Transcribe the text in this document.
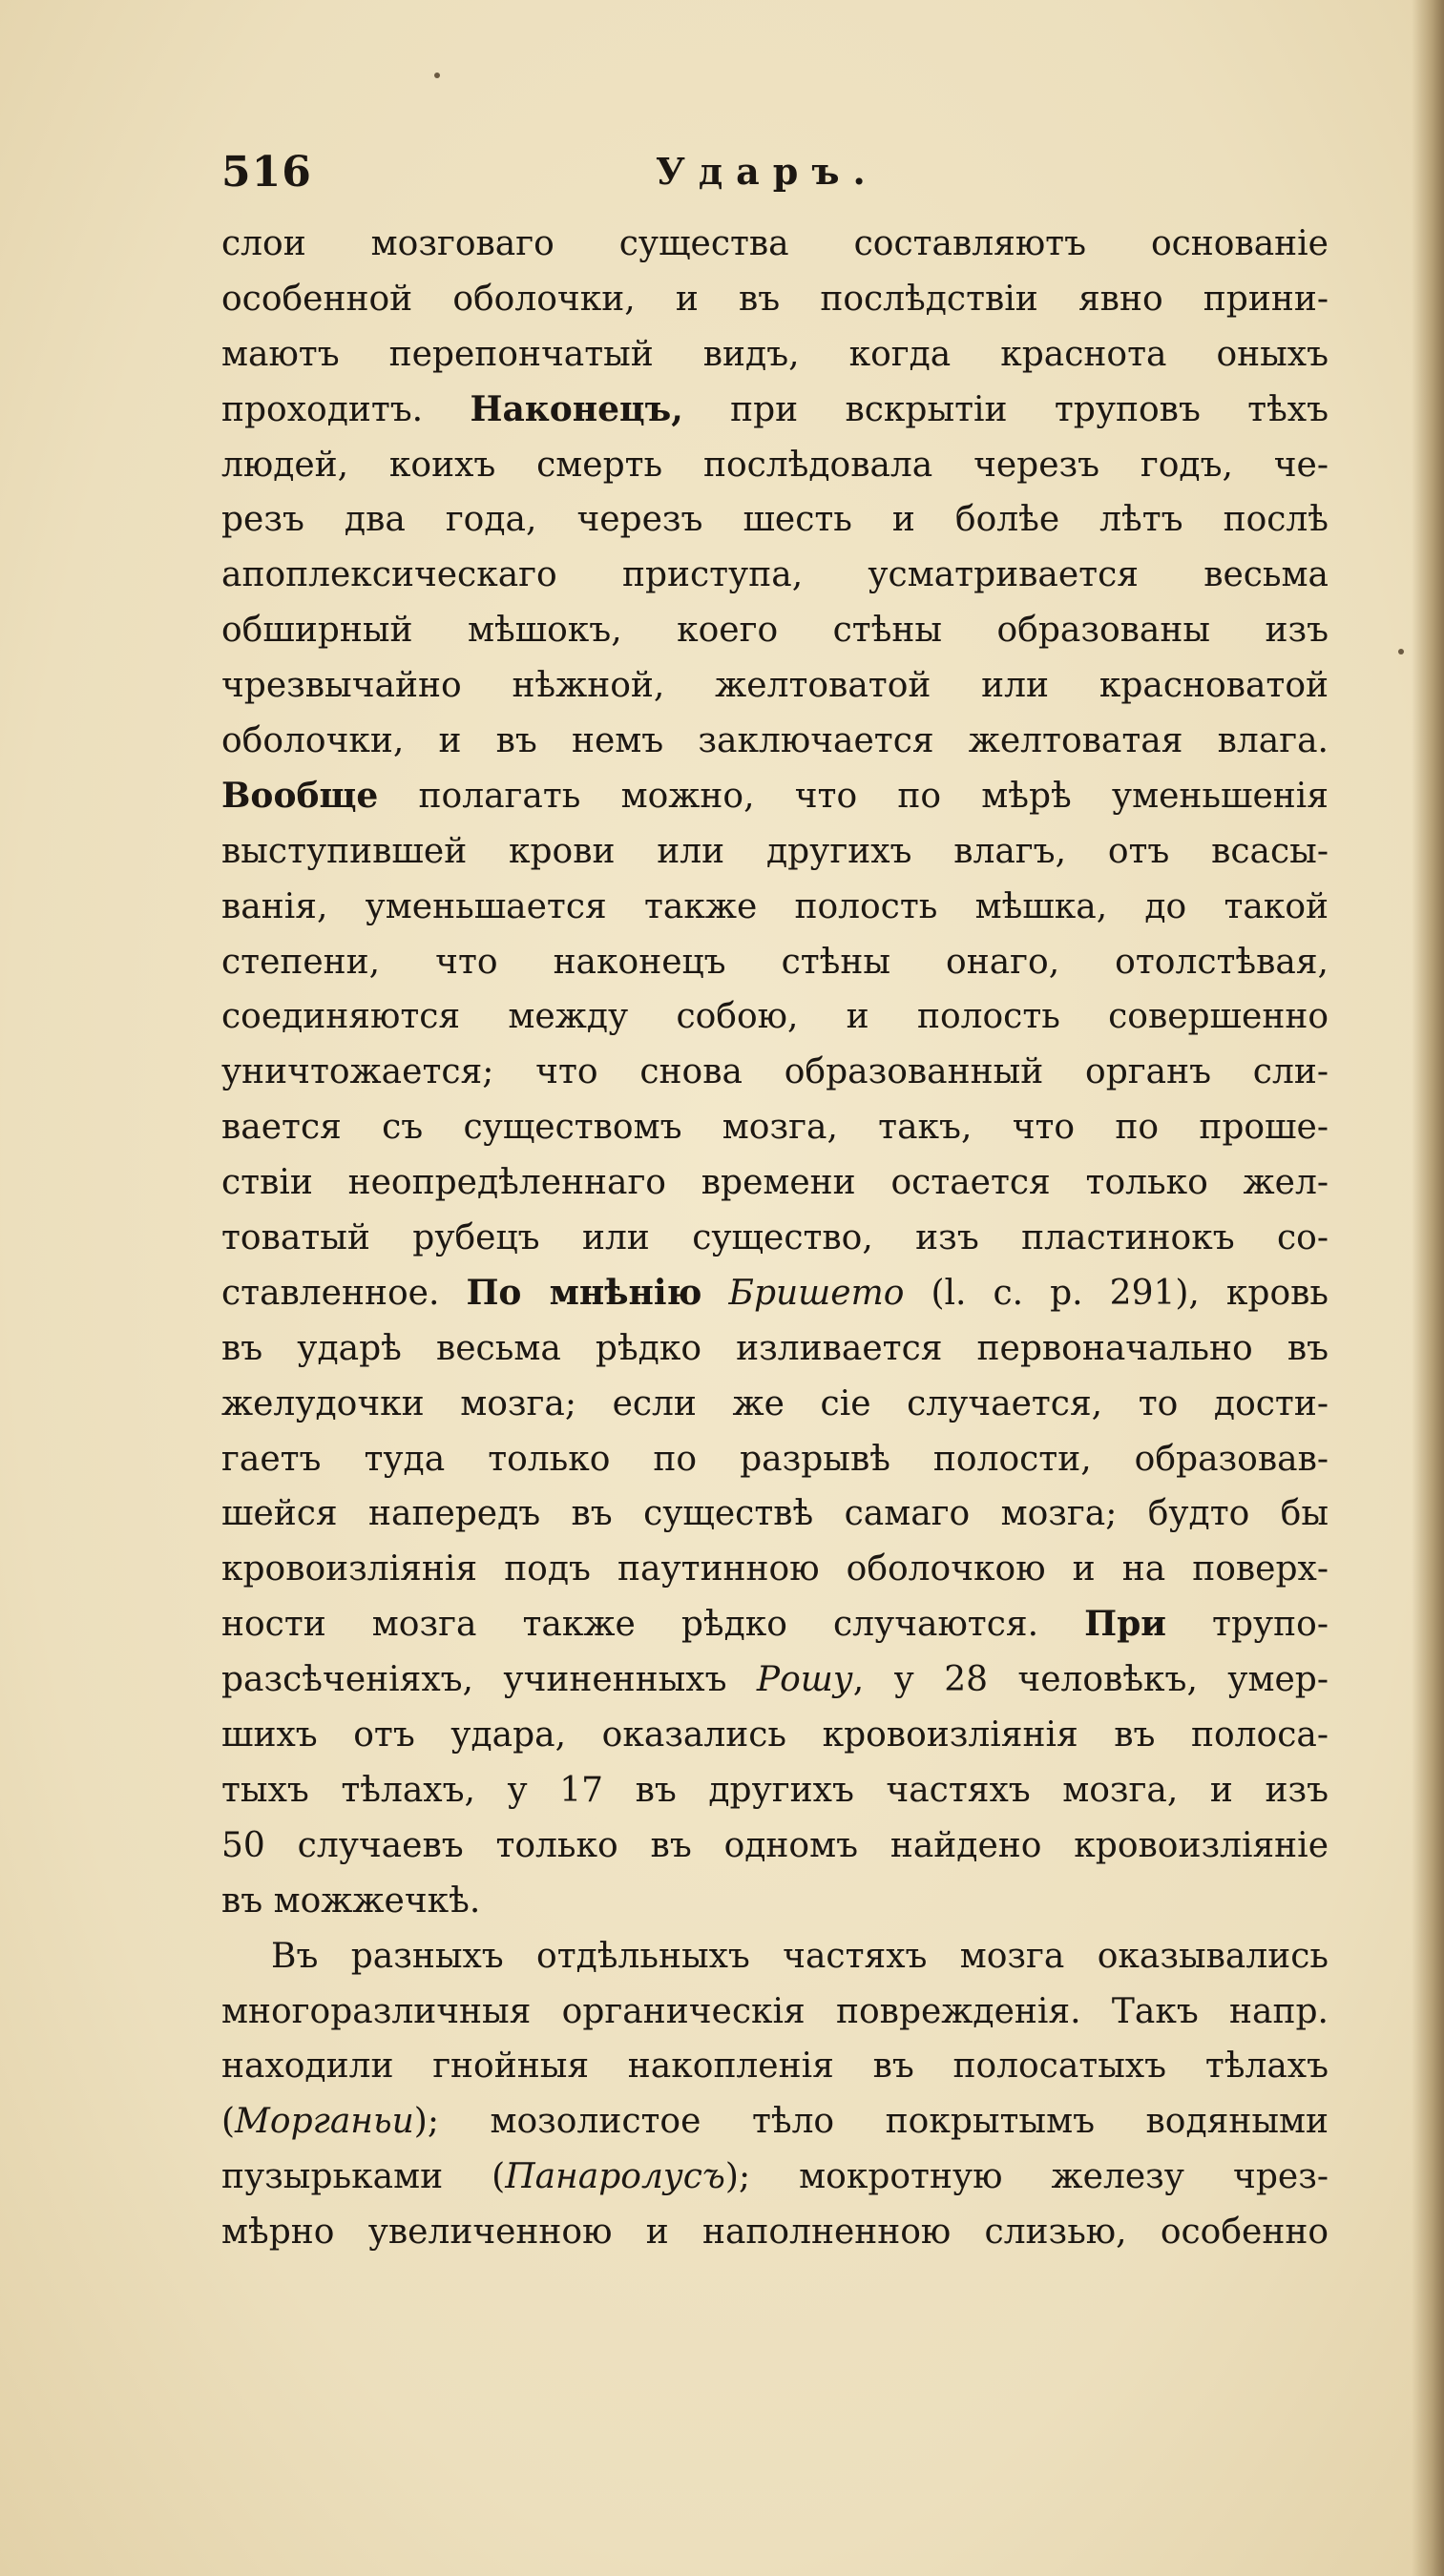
516	Ударъ.
слои мозговаго существа составляютъ основаніе
особенной оболочки, и въ послѣдствіи явно прини-
маютъ перепончатый видъ, когда краснота оныхъ
проходитъ. Наконецъ, при вскрытіи труповъ тѣхъ
людей, коихъ смерть послѣдовала черезъ годъ, че-
резъ два года, черезъ шесть и болѣе лѣтъ послѣ
апоплексическаго приступа, усматривается весьма
обширный мѣшокъ, коего стѣны образованы изъ
чрезвычайно нѣжной, желтоватой или красноватой
оболочки, и въ немъ заключается желтоватая влага.
Вообще полагать можно, что по мѣрѣ уменьшенія
выступившей крови или другихъ влагъ, отъ всасы-
ванія, уменьшается также полость мѣшка, до такой
степени, что наконецъ стѣны онаго, отолстѣвая,
соединяются между собою, и полость совершенно
уничтожается; что снова образованный органъ сли-
вается съ существомъ мозга, такъ, что по проше-
ствіи неопредѣленнаго времени остается только жел-
товатый рубецъ или существо, изъ пластинокъ со-
ставленное. По мнѣнію Бришето (l. c. p. 291), кровь
въ ударѣ весьма рѣдко изливается первоначально въ
желудочки мозга; если же сіе случается, то дости-
гаетъ туда только по разрывѣ полости, образовав-
шейся напередъ въ существѣ самаго мозга; будто бы
кровоизліянія подъ паутинною оболочкою и на поверх-
ности мозга также рѣдко случаются. При трупо-
разсѣченіяхъ, учиненныхъ Рошу, у 28 человѣкъ, умер-
шихъ отъ удара, оказались кровоизліянія въ полоса-
тыхъ тѣлахъ, у 17 въ другихъ частяхъ мозга, и изъ
50 случаевъ только въ одномъ найдено кровоизліяніе
въ можжечкѣ.
Въ разныхъ отдѣльныхъ частяхъ мозга оказывались
многоразличныя органическія поврежденія. Такъ напр.
находили гнойныя накопленія въ полосатыхъ тѣлахъ
(Морганьи); мозолистое тѣло покрытымъ водяными
пузырьками (Панаролусъ); мокротную железу чрез-
мѣрно увеличенною и наполненною слизью, особенно
